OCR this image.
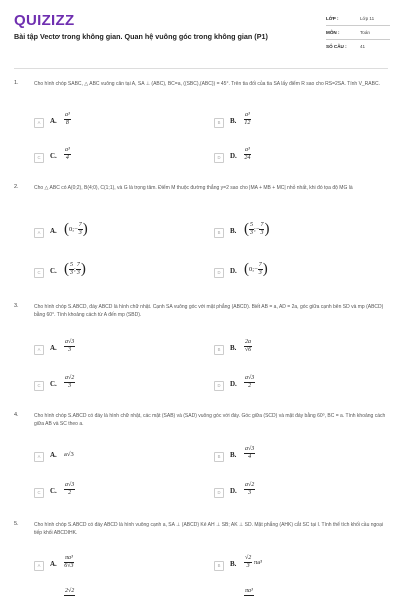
QUIZIZZ
Bài tập Vectơ trong không gian. Quan hệ vuông góc trong không gian (P1)
LỚP :	Lớp 11
MÔN :	Toán
SỐ CÂU :	41
1.	Cho hình chóp SABC, △ ABC vuông cân tại A, SA ⊥ (ABC), BC=a, ((SBC),(ABC)) = 45°. Trên tia đối của tia SA lấy điểm R sao cho RS=2SA. Tính V_RABC.
A	A. $\frac{\text{a³}}{8}$	B	B. $\frac{\text{a³}}{12}$
C	C. $\frac{\text{a³}}{4}$	D	D. $\frac{\text{a³}}{24}$
2.	Cho △ ABC có A(0;2), B(4;0), C(1;1), và G là trọng tâm. Điểm M thuộc đường thẳng y=2 sao cho |MA + MB + MC| nhỏ nhất, khi đó tọa độ MG là
A	A. (0;− $\frac{7}{3}$ )	B	B. ( $\frac{5}{3}$ ;− $\frac{7}{3}$ )
C	C. ( $\frac{5}{3}$ ; $\frac{7}{3}$ )	D	D. (0;− $\frac{7}{3}$ )
3.	Cho hình chóp S.ABCD, đáy ABCD là hình chữ nhật. Cạnh SA vuông góc với mặt phẳng (ABCD). Biết AB = a, AD = 2a, góc giữa cạnh bên SD và mp (ABCD) bằng 60°. Tính khoảng cách từ A đến mp (SBD).
A	A. $\frac{a√3}{3}$	B	B. $\frac{2a}{√6}$
C	C. $\frac{a√2}{3}$	D	D. $\frac{a√3}{2}$
4.	Cho hình chóp S.ABCD có đáy là hình chữ nhật, các mặt (SAB) và (SAD) vuông góc với đáy. Góc giữa (SCD) và mặt đáy bằng 60⁰, BC = a. Tính khoảng cách giữa AB và SC theo a.
A	A. a√3	B	B. $\frac{a√3}{4}$
C	C. $\frac{a√3}{2}$	D	D. $\frac{a√2}{3}$
5.	Cho hình chóp S.ABCD có đáy ABCD là hình vuông cạnh a, SA ⊥ (ABCD) Kẻ AH ⊥ SB; AK ⊥ SD. Mặt phẳng (AHK) cắt SC tại I. Tính thể tích khối cầu ngoại tiếp khối ABCDIHK.
A	A. $\frac{\text{πa³}}{6√3}$	B	B. $\frac{√2}{3} \pi a^3$
2√2	πa³
